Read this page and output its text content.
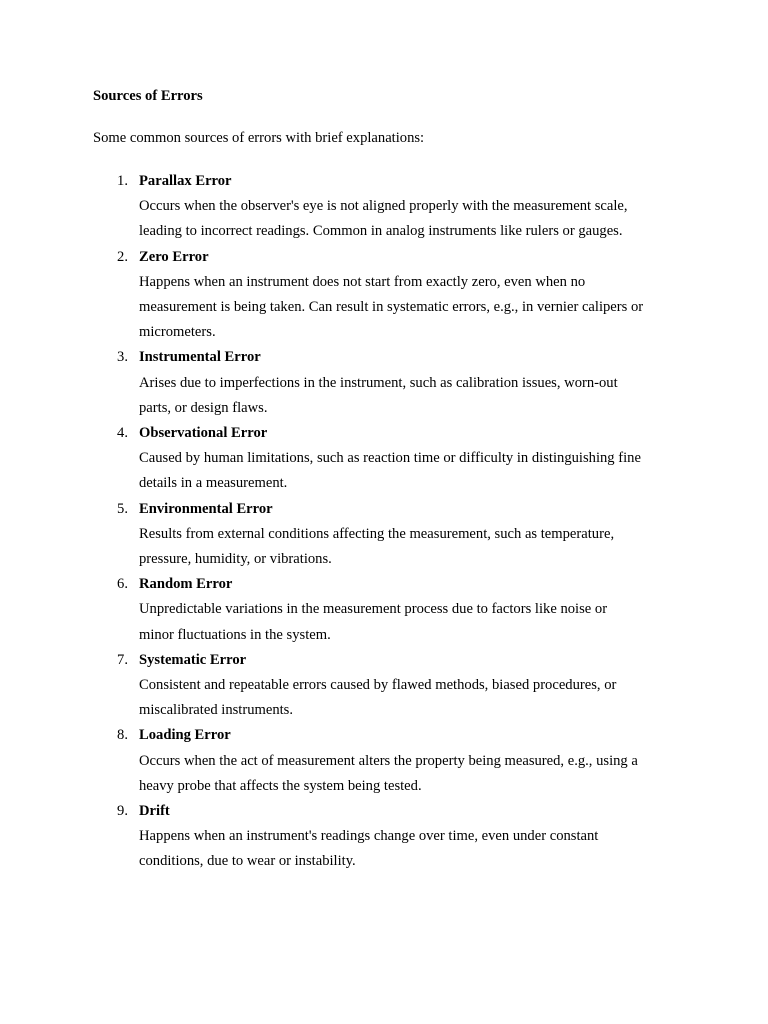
Sources of Errors
Some common sources of errors with brief explanations:
1. Parallax Error
Occurs when the observer's eye is not aligned properly with the measurement scale,
leading to incorrect readings. Common in analog instruments like rulers or gauges.
2. Zero Error
Happens when an instrument does not start from exactly zero, even when no
measurement is being taken. Can result in systematic errors, e.g., in vernier calipers or
micrometers.
3. Instrumental Error
Arises due to imperfections in the instrument, such as calibration issues, worn-out
parts, or design flaws.
4. Observational Error
Caused by human limitations, such as reaction time or difficulty in distinguishing fine
details in a measurement.
5. Environmental Error
Results from external conditions affecting the measurement, such as temperature,
pressure, humidity, or vibrations.
6. Random Error
Unpredictable variations in the measurement process due to factors like noise or
minor fluctuations in the system.
7. Systematic Error
Consistent and repeatable errors caused by flawed methods, biased procedures, or
miscalibrated instruments.
8. Loading Error
Occurs when the act of measurement alters the property being measured, e.g., using a
heavy probe that affects the system being tested.
9. Drift
Happens when an instrument's readings change over time, even under constant
conditions, due to wear or instability.
